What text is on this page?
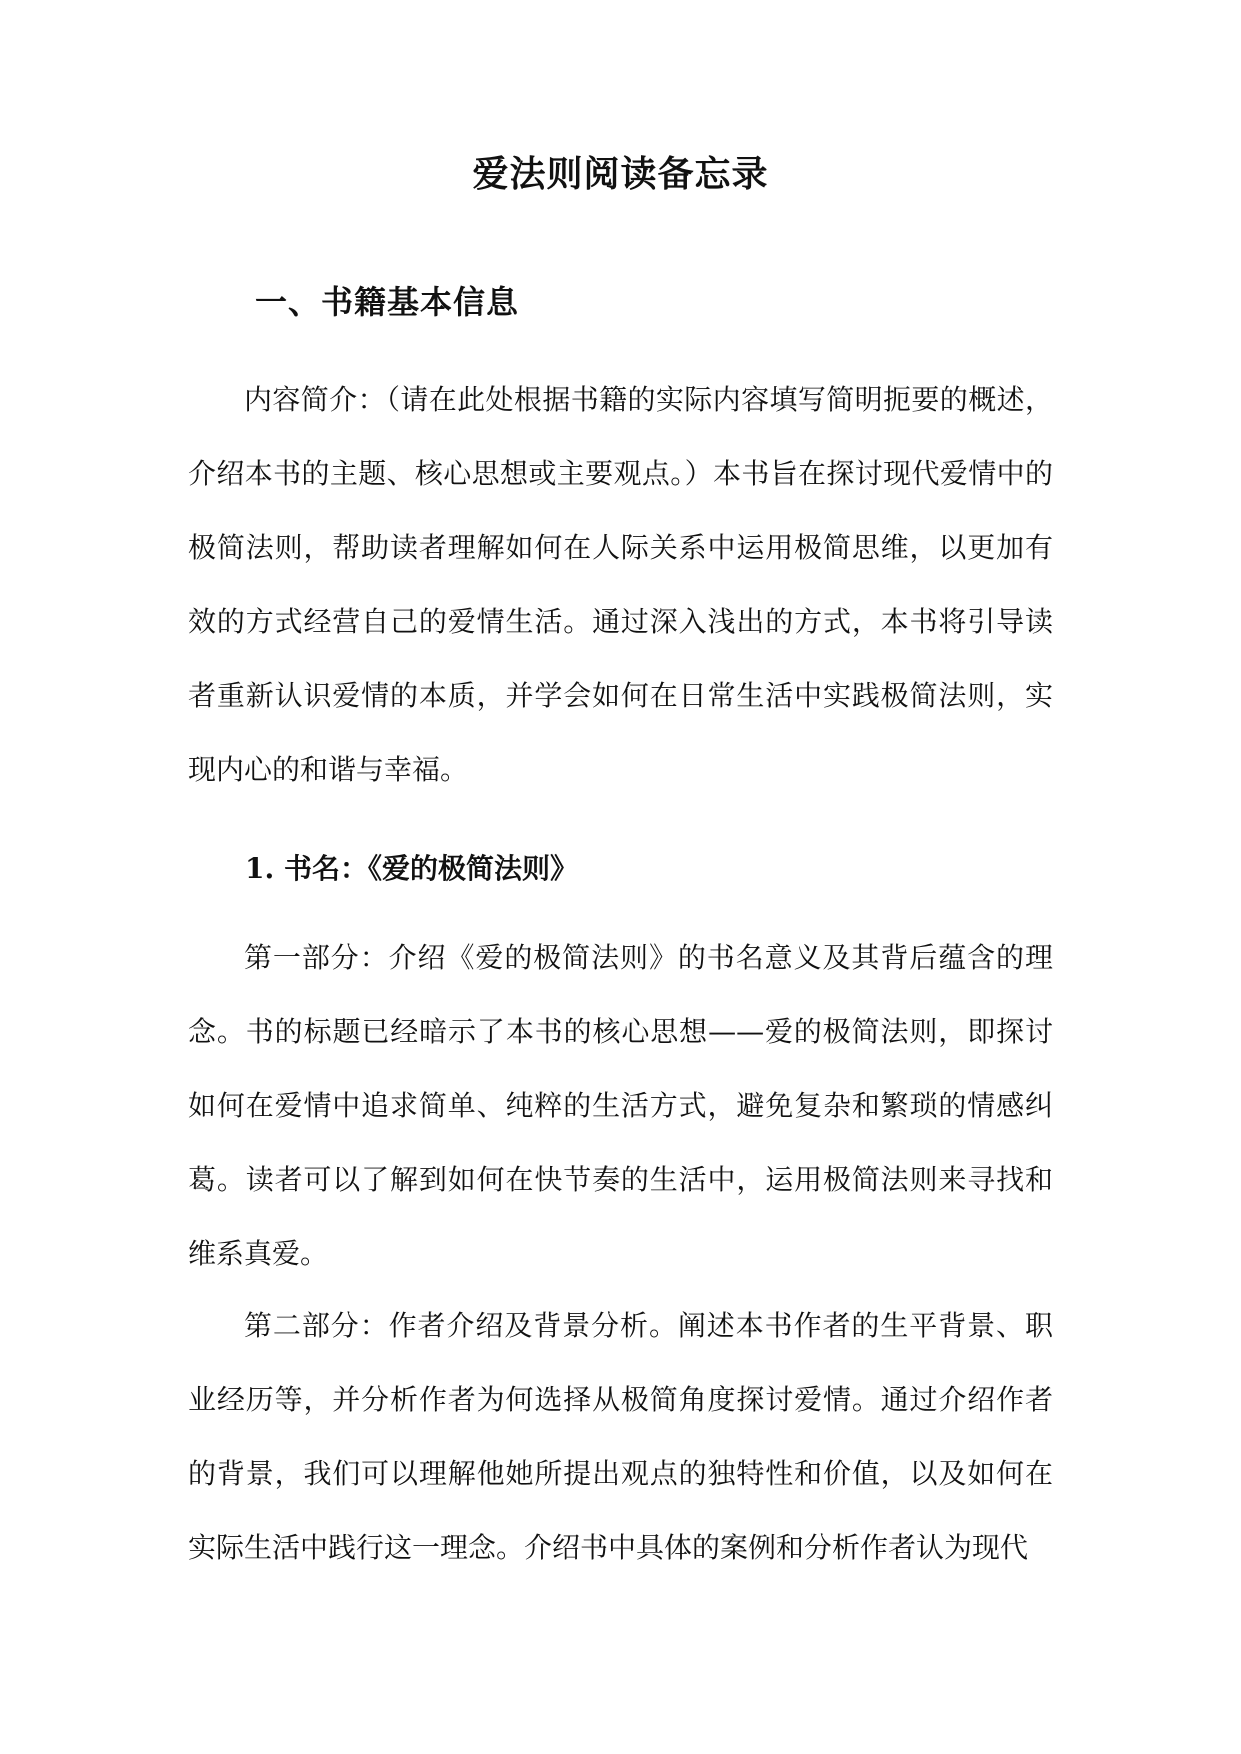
爱法则阅读备忘录
一、书籍基本信息

内容简介：（请在此处根据书籍的实际内容填写简明扼要的概述，介绍本书的主题、核心思想或主要观点。）本书旨在探讨现代爱情中的极简法则，帮助读者理解如何在人际关系中运用极简思维，以更加有效的方式经营自己的爱情生活。通过深入浅出的方式，本书将引导读者重新认识爱情的本质，并学会如何在日常生活中实践极简法则，实现内心的和谐与幸福。

1. 书名：《爱的极简法则》

第一部分：介绍《爱的极简法则》的书名意义及其背后蕴含的理念。书的标题已经暗示了本书的核心思想——爱的极简法则，即探讨如何在爱情中追求简单、纯粹的生活方式，避免复杂和繁琐的情感纠葛。读者可以了解到如何在快节奏的生活中，运用极简法则来寻找和维系真爱。

第二部分：作者介绍及背景分析。阐述本书作者的生平背景、职业经历等，并分析作者为何选择从极简角度探讨爱情。通过介绍作者的背景，我们可以理解他她所提出观点的独特性和价值，以及如何在实际生活中践行这一理念。介绍书中具体的案例和分析作者认为现代
